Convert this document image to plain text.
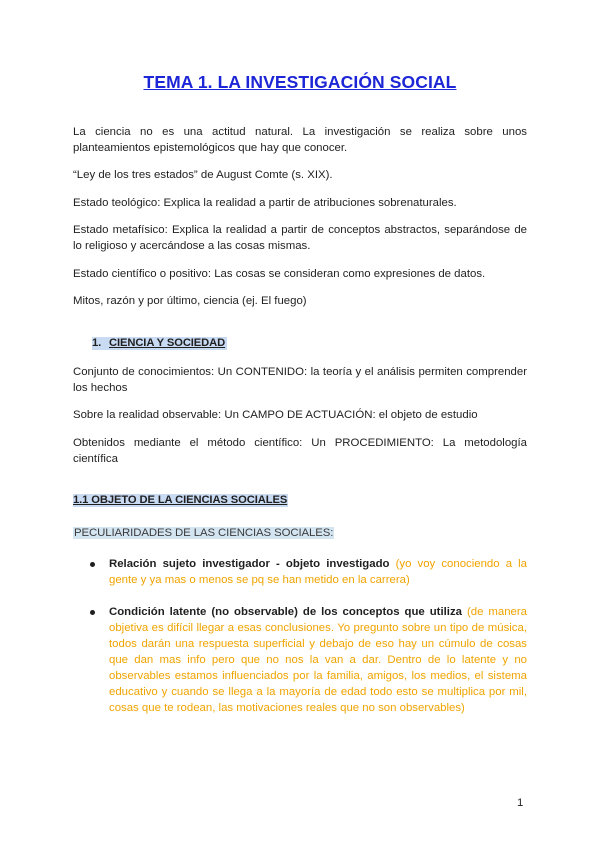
TEMA 1. LA INVESTIGACIÓN SOCIAL

La ciencia no es una actitud natural. La investigación se realiza sobre unos planteamientos epistemológicos que hay que conocer.

“Ley de los tres estados” de August Comte (s. XIX).

Estado teológico: Explica la realidad a partir de atribuciones sobrenaturales.

Estado metafísico: Explica la realidad a partir de conceptos abstractos, separándose de lo religioso y acercándose a las cosas mismas.

Estado científico o positivo: Las cosas se consideran como expresiones de datos.

Mitos, razón y por último, ciencia (ej. El fuego)

1. CIENCIA Y SOCIEDAD

Conjunto de conocimientos: Un CONTENIDO: la teoría y el análisis permiten comprender los hechos

Sobre la realidad observable: Un CAMPO DE ACTUACIÓN: el objeto de estudio

Obtenidos mediante el método científico: Un PROCEDIMIENTO: La metodología científica

1.1 OBJETO DE LA CIENCIAS SOCIALES
PECULIARIDADES DE LAS CIENCIAS SOCIALES:

Relación sujeto investigador - objeto investigado (yo voy conociendo a la gente y ya mas o menos se pq se han metido en la carrera)

Condición latente (no observable) de los conceptos que utiliza (de manera objetiva es difícil llegar a esas conclusiones. Yo pregunto sobre un tipo de música, todos darán una respuesta superficial y debajo de eso hay un cúmulo de cosas que dan mas info pero que no nos la van a dar. Dentro de lo latente y no observables estamos influenciados por la familia, amigos, los medios, el sistema educativo y cuando se llega a la mayoría de edad todo esto se multiplica por mil, cosas que te rodean, las motivaciones reales que no son observables)

1
